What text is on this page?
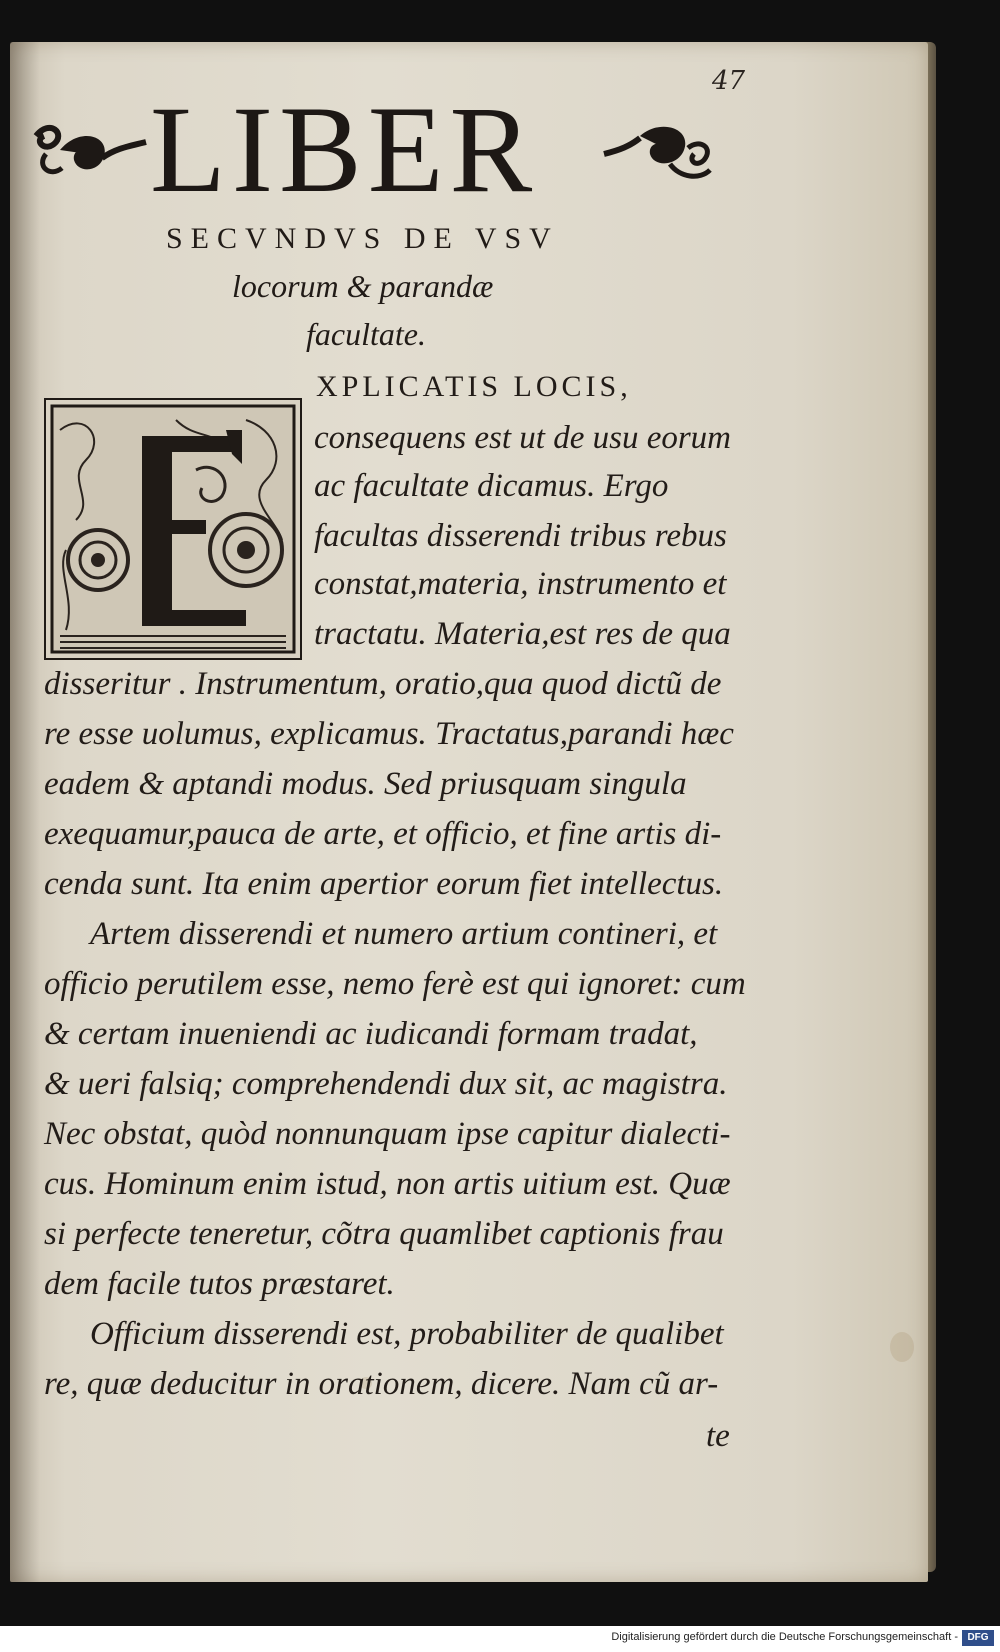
47
LIBER
SECVNDVS DE VSV
locorum & parandæ
facultate.
XPLICATIS LOCIS,
consequens est ut de usu eorum
ac facultate dicamus. Ergo
facultas disserendi tribus rebus
constat,materia, instrumento et
tractatu. Materia,est res de qua
disseritur . Instrumentum, oratio,qua quod dictũ de
re esse uolumus, explicamus. Tractatus,parandi hæc
eadem & aptandi modus. Sed priusquam singula
exequamur,pauca de arte, et officio, et fine artis di-
cenda sunt. Ita enim apertior eorum fiet intellectus.
Artem disserendi et numero artium contineri, et
officio perutilem esse, nemo ferè est qui ignoret: cum
& certam inueniendi ac iudicandi formam tradat,
& ueri falsiq; comprehendendi dux sit, ac magistra.
Nec obstat, quòd nonnunquam ipse capitur dialecti-
cus. Hominum enim istud, non artis uitium est. Quæ
si perfecte teneretur, cõtra quamlibet captionis frau
dem facile tutos præstaret.
Officium disserendi est, probabiliter de qualibet
re, quæ deducitur in orationem, dicere. Nam cũ ar-
te
Digitalisierung gefördert durch die Deutsche Forschungsgemeinschaft - DFG
